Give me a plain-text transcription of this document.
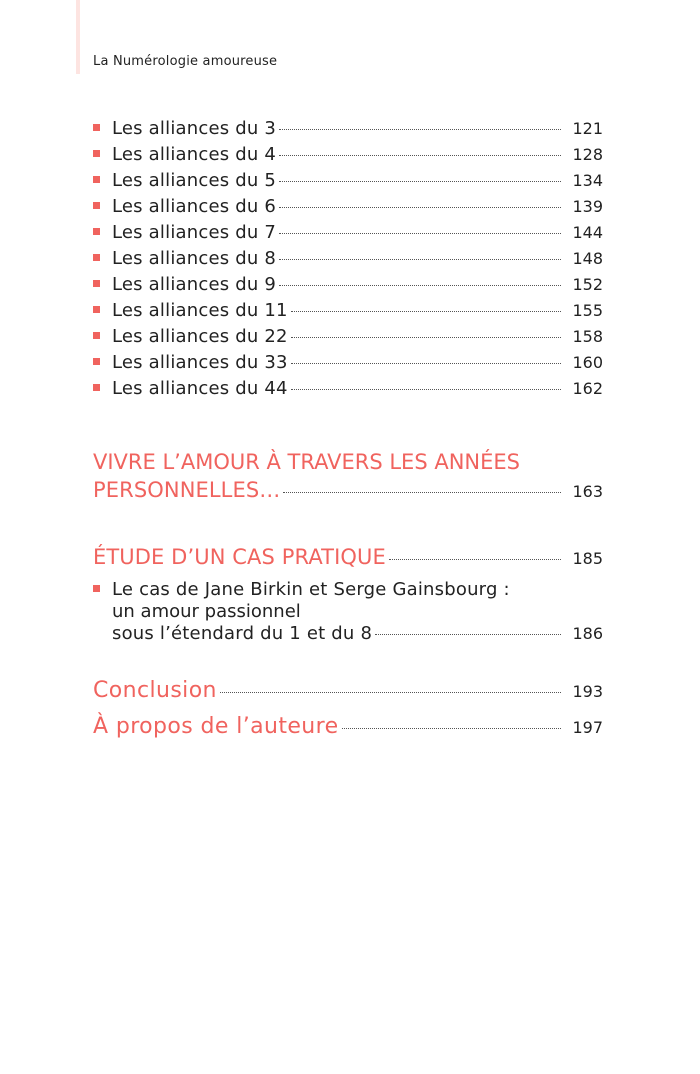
La Numérologie amoureuse
Les alliances du 3	121
Les alliances du 4	128
Les alliances du 5	134
Les alliances du 6	139
Les alliances du 7	144
Les alliances du 8	148
Les alliances du 9	152
Les alliances du 11	155
Les alliances du 22	158
Les alliances du 33	160
Les alliances du 44	162
VIVRE L’AMOUR À TRAVERS LES ANNÉES
PERSONNELLES…	163
ÉTUDE D’UN CAS PRATIQUE	185
Le cas de Jane Birkin et Serge Gainsbourg :
un amour passionnel
sous l’étendard du 1 et du 8	186
Conclusion	193
À propos de l’auteure	197
